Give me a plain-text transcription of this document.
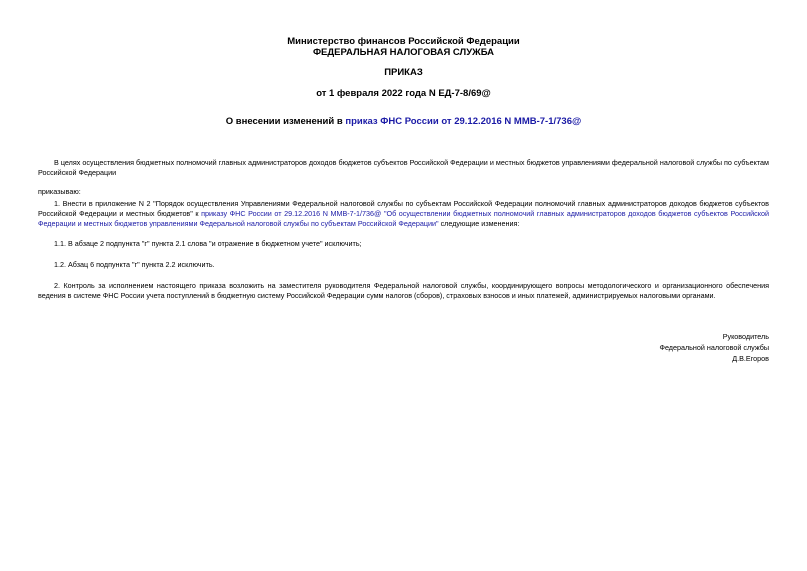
Министерство финансов Российской Федерации
ФЕДЕРАЛЬНАЯ НАЛОГОВАЯ СЛУЖБА
ПРИКАЗ
от 1 февраля 2022 года N ЕД-7-8/69@
О внесении изменений в приказ ФНС России от 29.12.2016 N ММВ-7-1/736@

В целях осуществления бюджетных полномочий главных администраторов доходов бюджетов субъектов Российской Федерации и местных бюджетов управлениями федеральной налоговой службы по субъектам Российской Федерации

приказываю:

1. Внести в приложение N 2 "Порядок осуществления Управлениями Федеральной налоговой службы по субъектам Российской Федерации полномочий главных администраторов доходов бюджетов субъектов Российской Федерации и местных бюджетов" к приказу ФНС России от 29.12.2016 N ММВ-7-1/736@ "Об осуществлении бюджетных полномочий главных администраторов доходов бюджетов субъектов Российской Федерации и местных бюджетов управлениями Федеральной налоговой службы по субъектам Российской Федерации" следующие изменения:

1.1. В абзаце 2 подпункта "г" пункта 2.1 слова "и отражение в бюджетном учете" исключить;

1.2. Абзац 6 подпункта "г" пункта 2.2 исключить.

2. Контроль за исполнением настоящего приказа возложить на заместителя руководителя Федеральной налоговой службы, координирующего вопросы методологического и организационного обеспечения ведения в системе ФНС России учета поступлений в бюджетную систему Российской Федерации сумм налогов (сборов), страховых взносов и иных платежей, администрируемых налоговыми органами.

Руководитель
Федеральной налоговой службы
Д.В.Егоров
